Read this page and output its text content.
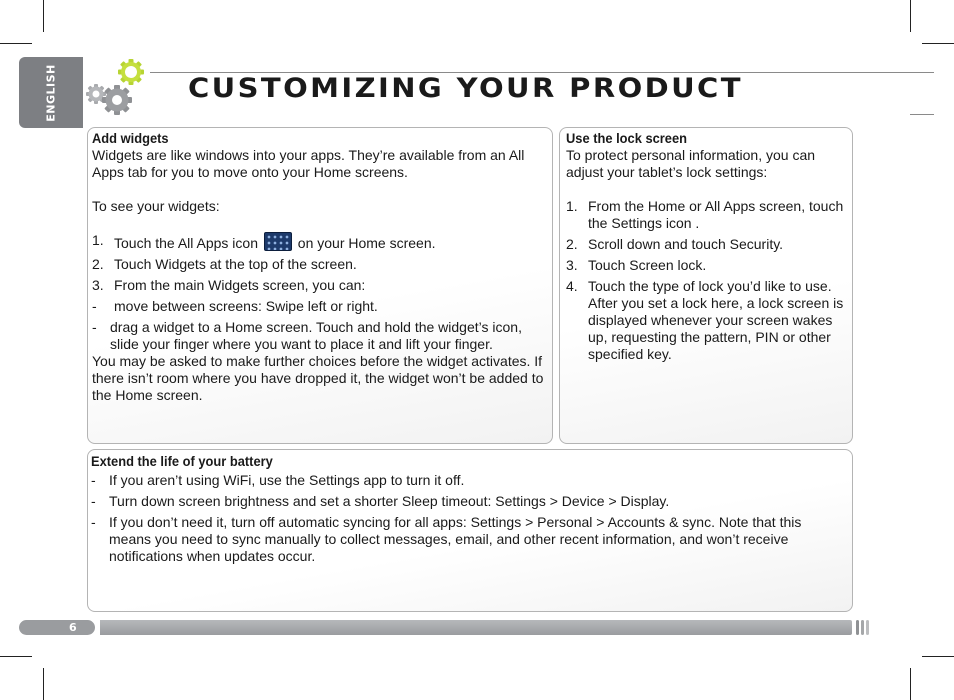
ENGLISH	CUSTOMIZING YOUR PRODUCT
Add widgets
Widgets are like windows into your apps. They’re available from an All Apps tab for you to move onto your Home screens.
To see your widgets:
1. Touch the All Apps icon	on your Home screen.
2. Touch Widgets at the top of the screen.
3. From the main Widgets screen, you can:
- move between screens: Swipe left or right.
- drag a widget to a Home screen. Touch and hold the widget’s icon, slide your finger where you want to place it and lift your finger.
You may be asked to make further choices before the widget activates. If there isn’t room where you have dropped it, the widget won’t be added to the Home screen.
Use the lock screen
To protect personal information, you can adjust your tablet’s lock settings:
1. From the Home or All Apps screen, touch the Settings icon .
2. Scroll down and touch Security.
3. Touch Screen lock.
4. Touch the type of lock you’d like to use. After you set a lock here, a lock screen is displayed whenever your screen wakes up, requesting the pattern, PIN or other specified key.
Extend the life of your battery
- If you aren’t using WiFi, use the Settings app to turn it off.
- Turn down screen brightness and set a shorter Sleep timeout: Settings > Device > Display.
- If you don’t need it, turn off automatic syncing for all apps: Settings > Personal > Accounts & sync. Note that this means you need to sync manually to collect messages, email, and other recent information, and won’t receive notifications when updates occur.
6
